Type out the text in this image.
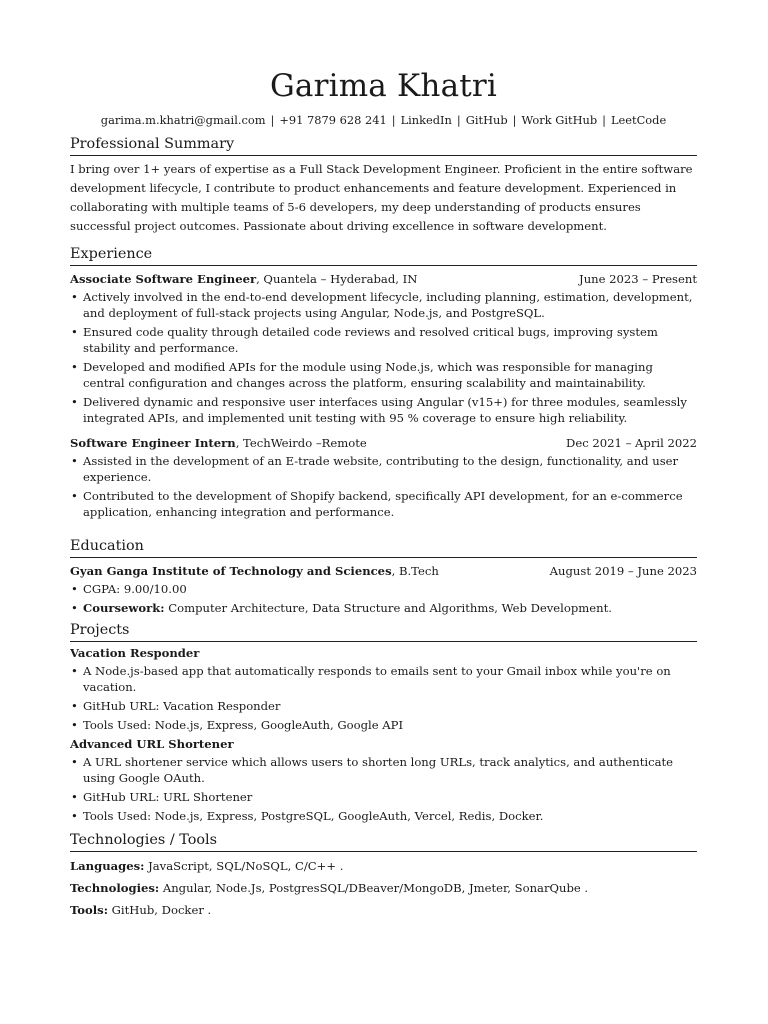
Garima Khatri
garima.m.khatri@gmail.com | +91 7879 628 241 | LinkedIn | GitHub | Work GitHub | LeetCode
Professional Summary

I bring over 1+ years of expertise as a Full Stack Development Engineer. Proficient in the entire software development lifecycle, I contribute to product enhancements and feature development. Experienced in collaborating with multiple teams of 5-6 developers, my deep understanding of products ensures successful project outcomes. Passionate about driving excellence in software development.

Experience
Associate Software Engineer, Quantela – Hyderabad, IN	June 2023 – Present
• Actively involved in the end-to-end development lifecycle, including planning, estimation, development, and deployment of full-stack projects using Angular, Node.js, and PostgreSQL.
• Ensured code quality through detailed code reviews and resolved critical bugs, improving system stability and performance.
• Developed and modified APIs for the module using Node.js, which was responsible for managing central configuration and changes across the platform, ensuring scalability and maintainability.
• Delivered dynamic and responsive user interfaces using Angular (v15+) for three modules, seamlessly integrated APIs, and implemented unit testing with 95 % coverage to ensure high reliability.
Software Engineer Intern, TechWeirdo –Remote	Dec 2021 – April 2022
• Assisted in the development of an E-trade website, contributing to the design, functionality, and user experience.
• Contributed to the development of Shopify backend, specifically API development, for an e-commerce application, enhancing integration and performance.
Education
Gyan Ganga Institute of Technology and Sciences, B.Tech	August 2019 – June 2023
• CGPA: 9.00/10.00
• Coursework: Computer Architecture, Data Structure and Algorithms, Web Development.
Projects
Vacation Responder
• A Node.js-based app that automatically responds to emails sent to your Gmail inbox while you're on vacation.
• GitHub URL: Vacation Responder
• Tools Used: Node.js, Express, GoogleAuth, Google API
Advanced URL Shortener
• A URL shortener service which allows users to shorten long URLs, track analytics, and authenticate using Google OAuth.
• GitHub URL: URL Shortener
• Tools Used: Node.js, Express, PostgreSQL, GoogleAuth, Vercel, Redis, Docker.
Technologies / Tools
Languages: JavaScript, SQL/NoSQL, C/C++ .
Technologies: Angular, Node.Js, PostgresSQL/DBeaver/MongoDB, Jmeter, SonarQube .
Tools: GitHub, Docker .
